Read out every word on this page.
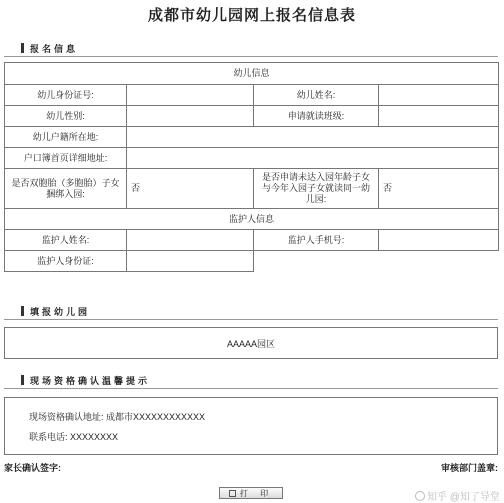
成都市幼儿园网上报名信息表
报名信息
幼儿信息			
幼儿身份证号:		幼儿姓名:	
幼儿性别:		申请就读班级:	
幼儿户籍所在地:			
户口簿首页详细地址:			
是否双胞胎（多胞胎）子女捆绑入园:	否	是否申请未达入园年龄子女与今年入园子女就读同一幼儿园:	否
监护人信息			
监护人姓名:		监护人手机号:	
监护人身份证:			
填报幼儿园
AAAAA园区
现场资格确认温馨提示
现场资格确认地址: 成都市XXXXXXXXXXXX
联系电话: XXXXXXXX
家长确认签字:	审核部门盖章:
打 印	知乎 @知了导堂
